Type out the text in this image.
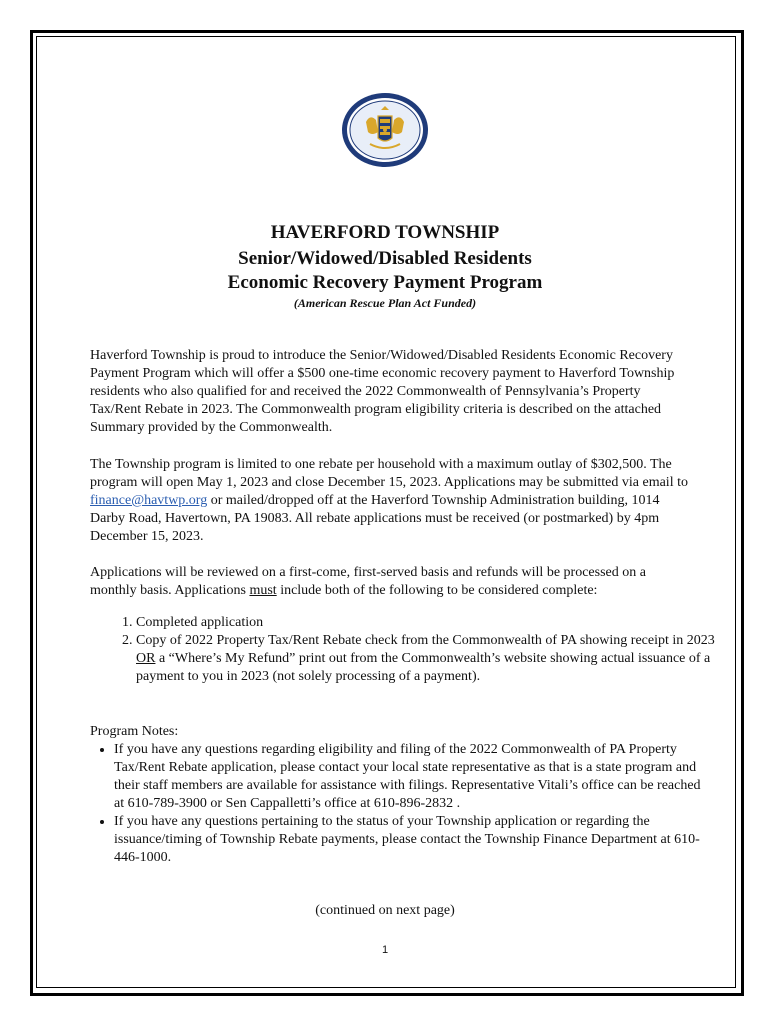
HAVERFORD TOWNSHIP
Senior/Widowed/Disabled Residents
Economic Recovery Payment Program
(American Rescue Plan Act Funded)

Haverford Township is proud to introduce the Senior/Widowed/Disabled Residents Economic Recovery Payment Program which will offer a $500 one-time economic recovery payment to Haverford Township residents who also qualified for and received the 2022 Commonwealth of Pennsylvania’s Property Tax/Rent Rebate in 2023. The Commonwealth program eligibility criteria is described on the attached Summary provided by the Commonwealth.

The Township program is limited to one rebate per household with a maximum outlay of $302,500. The program will open May 1, 2023 and close December 15, 2023. Applications may be submitted via email to finance@havtwp.org or mailed/dropped off at the Haverford Township Administration building, 1014 Darby Road, Havertown, PA 19083. All rebate applications must be received (or postmarked) by 4pm December 15, 2023.

Applications will be reviewed on a first-come, first-served basis and refunds will be processed on a monthly basis. Applications must include both of the following to be considered complete:

1. Completed application
2. Copy of 2022 Property Tax/Rent Rebate check from the Commonwealth of PA showing receipt in 2023 OR a “Where’s My Refund” print out from the Commonwealth’s website showing actual issuance of a payment to you in 2023 (not solely processing of a payment).
Program Notes:
• If you have any questions regarding eligibility and filing of the 2022 Commonwealth of PA Property Tax/Rent Rebate application, please contact your local state representative as that is a state program and their staff members are available for assistance with filings. Representative Vitali’s office can be reached at 610-789-3900 or Sen Cappalletti’s office at 610-896-2832 .
• If you have any questions pertaining to the status of your Township application or regarding the issuance/timing of Township Rebate payments, please contact the Township Finance Department at 610-446-1000.
(continued on next page)
1
